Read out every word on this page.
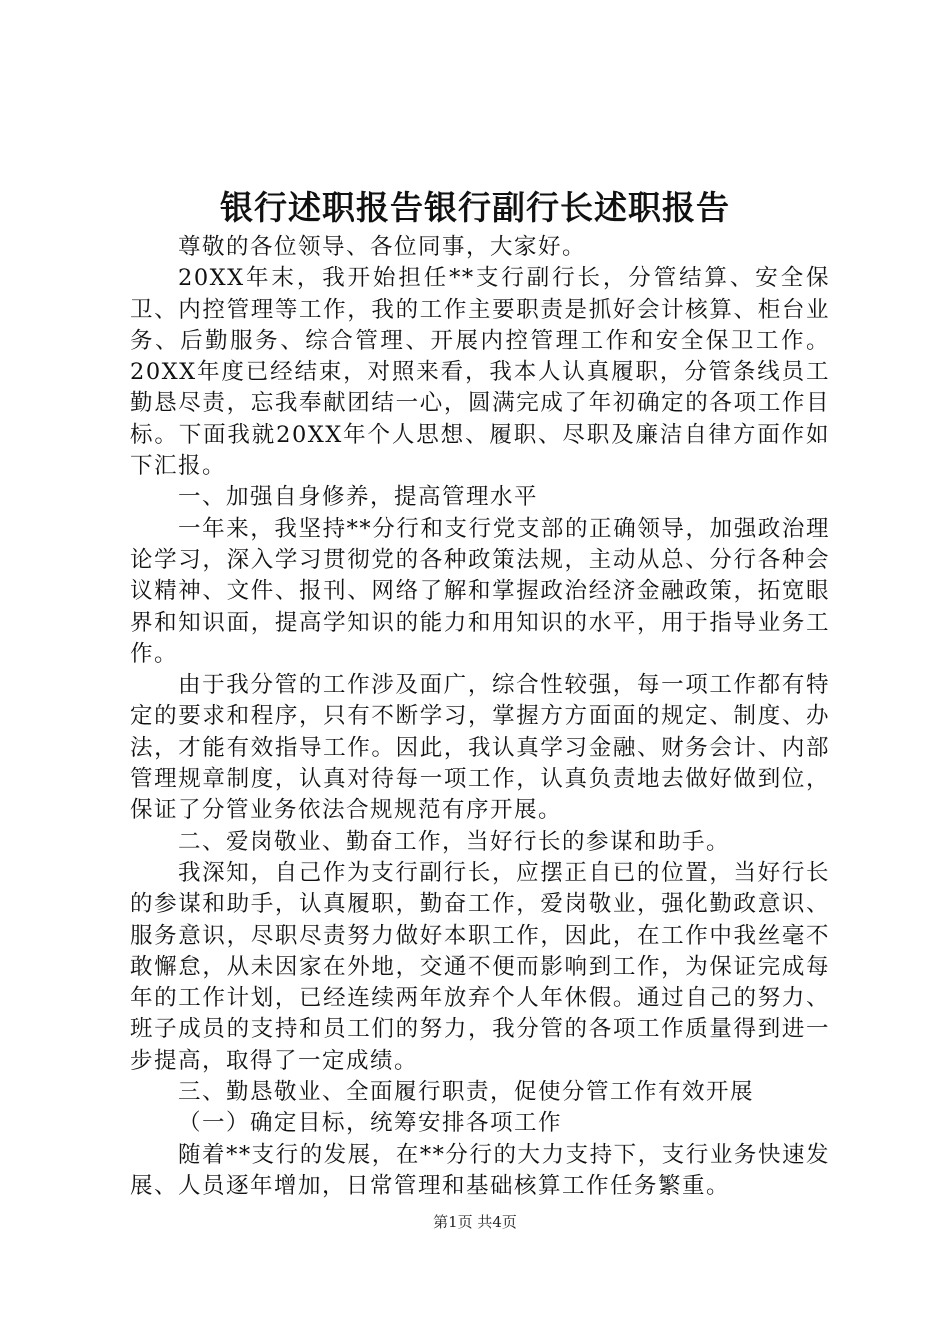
银行述职报告银行副行长述职报告

尊敬的各位领导、各位同事，大家好。

20XX年末，我开始担任**支行副行长，分管结算、安全保卫、内控管理等工作，我的工作主要职责是抓好会计核算、柜台业务、后勤服务、综合管理、开展内控管理工作和安全保卫工作。20XX年度已经结束，对照来看，我本人认真履职，分管条线员工勤恳尽责，忘我奉献团结一心，圆满完成了年初确定的各项工作目标。下面我就20XX年个人思想、履职、尽职及廉洁自律方面作如下汇报。

一、加强自身修养，提高管理水平

一年来，我坚持**分行和支行党支部的正确领导，加强政治理论学习，深入学习贯彻党的各种政策法规，主动从总、分行各种会议精神、文件、报刊、网络了解和掌握政治经济金融政策，拓宽眼界和知识面，提高学知识的能力和用知识的水平，用于指导业务工作。

由于我分管的工作涉及面广，综合性较强，每一项工作都有特定的要求和程序，只有不断学习，掌握方方面面的规定、制度、办法，才能有效指导工作。因此，我认真学习金融、财务会计、内部管理规章制度，认真对待每一项工作，认真负责地去做好做到位，保证了分管业务依法合规规范有序开展。

二、爱岗敬业、勤奋工作，当好行长的参谋和助手。

我深知，自己作为支行副行长，应摆正自已的位置，当好行长的参谋和助手，认真履职，勤奋工作，爱岗敬业，强化勤政意识、服务意识，尽职尽责努力做好本职工作，因此，在工作中我丝毫不敢懈怠，从未因家在外地，交通不便而影响到工作，为保证完成每年的工作计划，已经连续两年放弃个人年休假。通过自己的努力、班子成员的支持和员工们的努力，我分管的各项工作质量得到进一步提高，取得了一定成绩。

三、勤恳敬业、全面履行职责，促使分管工作有效开展

（一）确定目标，统筹安排各项工作

随着**支行的发展，在**分行的大力支持下，支行业务快速发展、人员逐年增加，日常管理和基础核算工作任务繁重。

第1页 共4页
